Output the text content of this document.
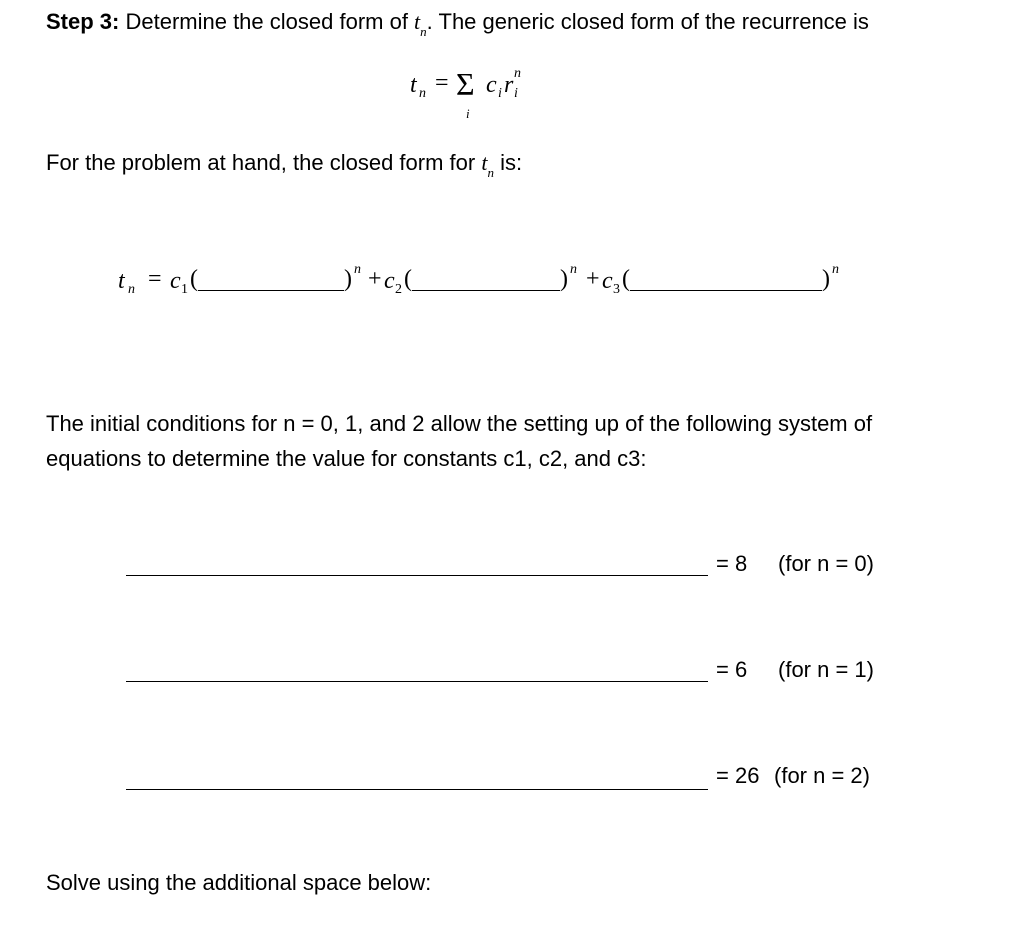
Step 3: Determine the closed form of $t_n$. The generic closed form of the recurrence is
t n = Σ
i
c i r i
n
For the problem at hand, the closed form for $t_n$ is:
t n = c 1 (	) n + c 2 (	) n + c 3 (	) n
The initial conditions for n = 0, 1, and 2 allow the setting up of the following system of
equations to determine the value for constants c1, c2, and c3:
= 8 (for n = 0)
= 6 (for n = 1)
= 26 (for n = 2)
Solve using the additional space below:
